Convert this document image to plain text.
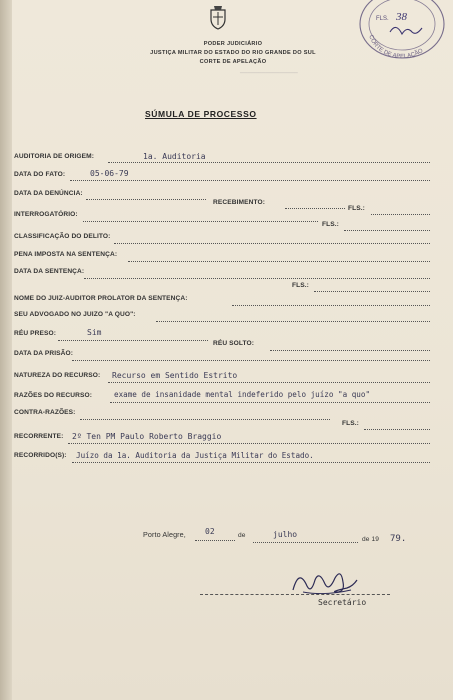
PODER JUDICIÁRIO
JUSTIÇA MILITAR DO ESTADO DO RIO GRANDE DO SUL
CORTE DE APELAÇÃO
CORTE DE APELAÇÃO
FLS. 38
────────────────
SÚMULA DE PROCESSO
AUDITORIA DE ORIGEM:	1a. Auditoria
DATA DO FATO:	05-06-79
DATA DA DENÚNCIA:
RECEBIMENTO:
FLS.:
INTERROGATÓRIO:
FLS.:
CLASSIFICAÇÃO DO DELITO:
PENA IMPOSTA NA SENTENÇA:
DATA DA SENTENÇA:
FLS.:
NOME DO JUIZ-AUDITOR PROLATOR DA SENTENÇA:
SEU ADVOGADO NO JUIZO "A QUO":
RÉU PRESO:	Sim
RÉU SOLTO:
DATA DA PRISÃO:
NATUREZA DO RECURSO: Recurso em Sentido Estrito
RAZÕES DO RECURSO:	exame de insanidade mental indeferido pelo juízo "a quo"
CONTRA-RAZÕES:
FLS.:
RECORRENTE: 2º Ten PM Paulo Roberto Braggio
RECORRIDO(S): Juízo da 1a. Auditoria da Justiça Militar do Estado.
Porto Alegre, 02	de	julho
de 19 79.
Secretário
